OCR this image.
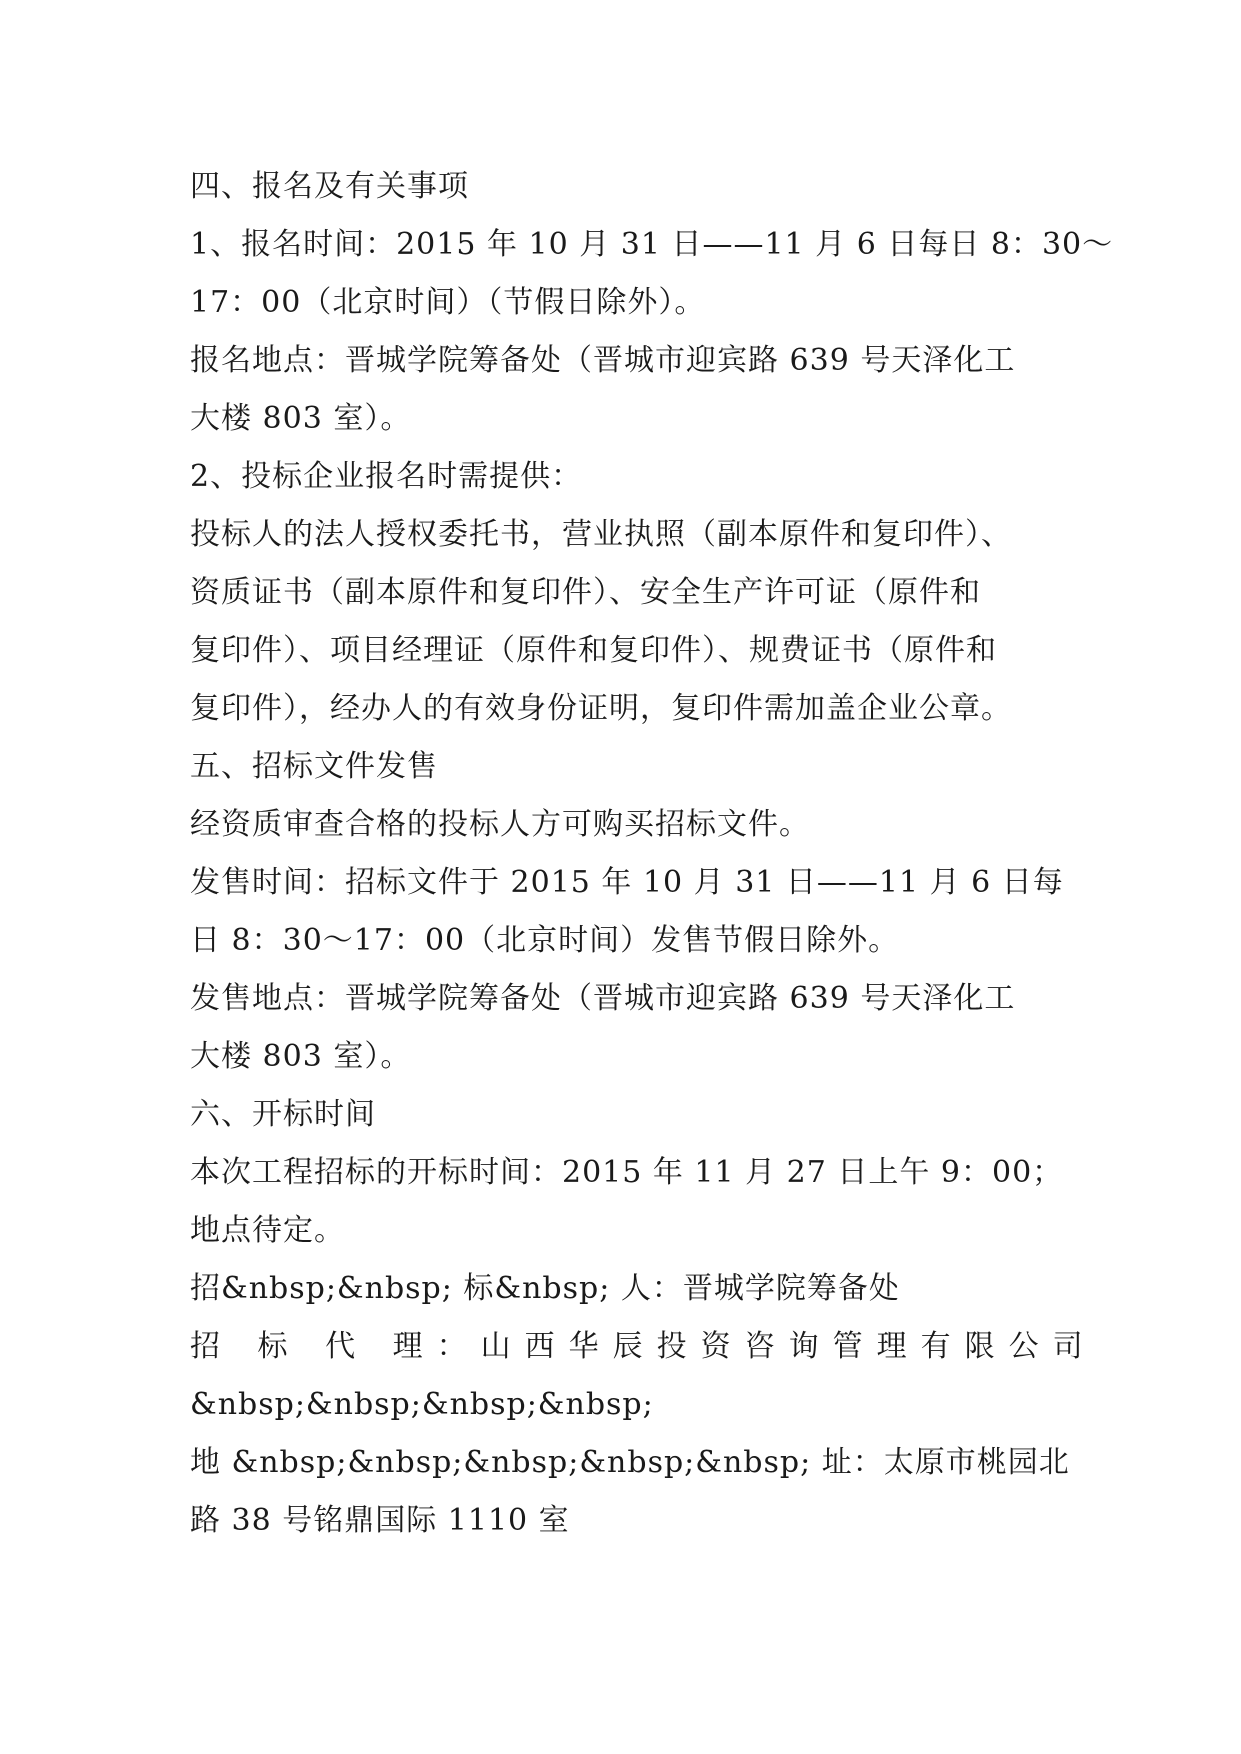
四、报名及有关事项
1、报名时间：2015 年 10 月 31 日——11 月 6 日每日 8：30～
17：00（北京时间）（节假日除外）。
报名地点：晋城学院筹备处（晋城市迎宾路 639 号天泽化工
大楼 803 室）。
2、投标企业报名时需提供：
投标人的法人授权委托书，营业执照（副本原件和复印件）、
资质证书（副本原件和复印件）、安全生产许可证（原件和
复印件）、项目经理证（原件和复印件）、规费证书（原件和
复印件），经办人的有效身份证明，复印件需加盖企业公章。
五、招标文件发售
经资质审查合格的投标人方可购买招标文件。
发售时间：招标文件于 2015 年 10 月 31 日——11 月 6 日每
日 8：30～17：00（北京时间）发售节假日除外。
发售地点：晋城学院筹备处（晋城市迎宾路 639 号天泽化工
大楼 803 室）。
六、开标时间
本次工程招标的开标时间：2015 年 11 月 27 日上午 9：00；
地点待定。
招&nbsp;&nbsp; 标&nbsp; 人：晋城学院筹备处
招 标 代 理：山西华辰投资咨询管理有限公司
&nbsp;&nbsp;&nbsp;&nbsp;
地 &nbsp;&nbsp;&nbsp;&nbsp;&nbsp; 址：太原市桃园北
路 38 号铭鼎国际 1110 室
